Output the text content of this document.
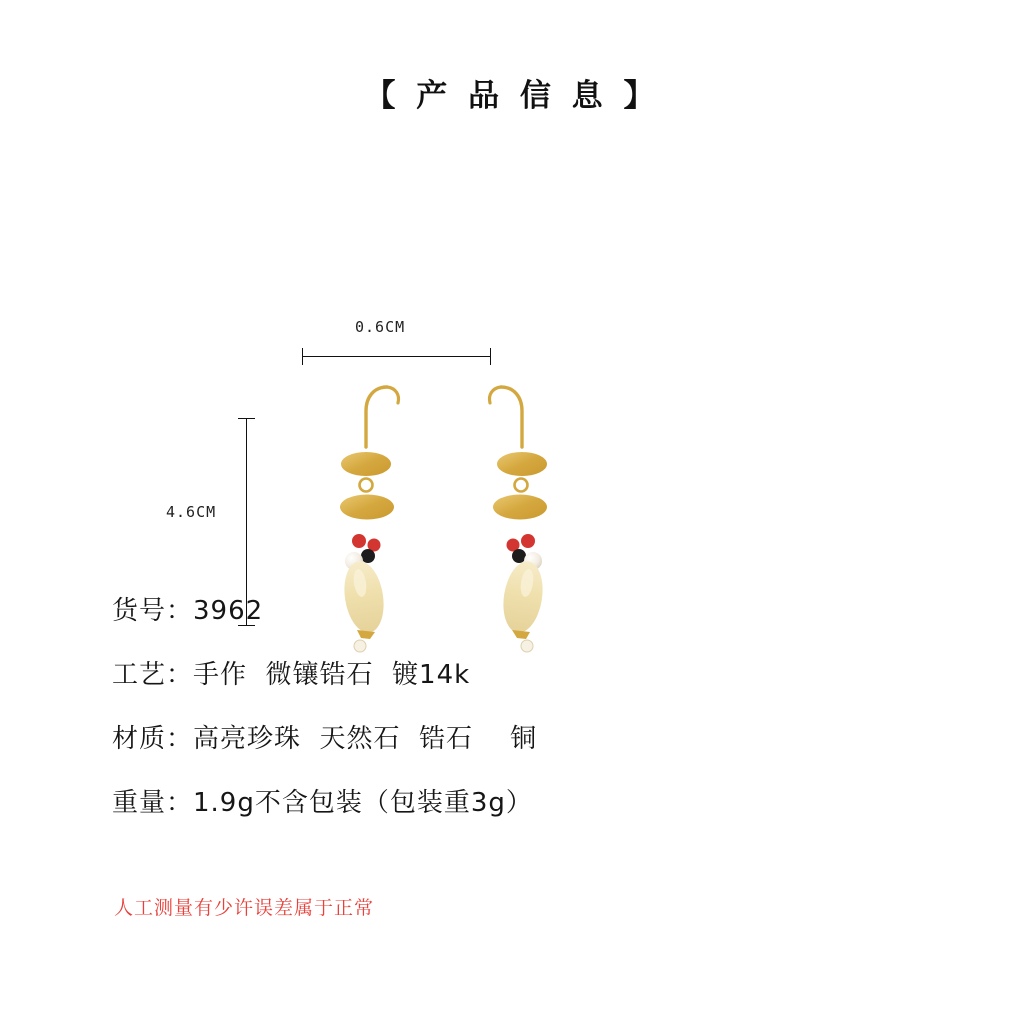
【 产 品 信 息 】
0.6CM
4.6CM
货号：3962
工艺：手作  微镶锆石  镀14k
材质：高亮珍珠  天然石  锆石    铜
重量：1.9g不含包装（包装重3g）
人工测量有少许误差属于正常
